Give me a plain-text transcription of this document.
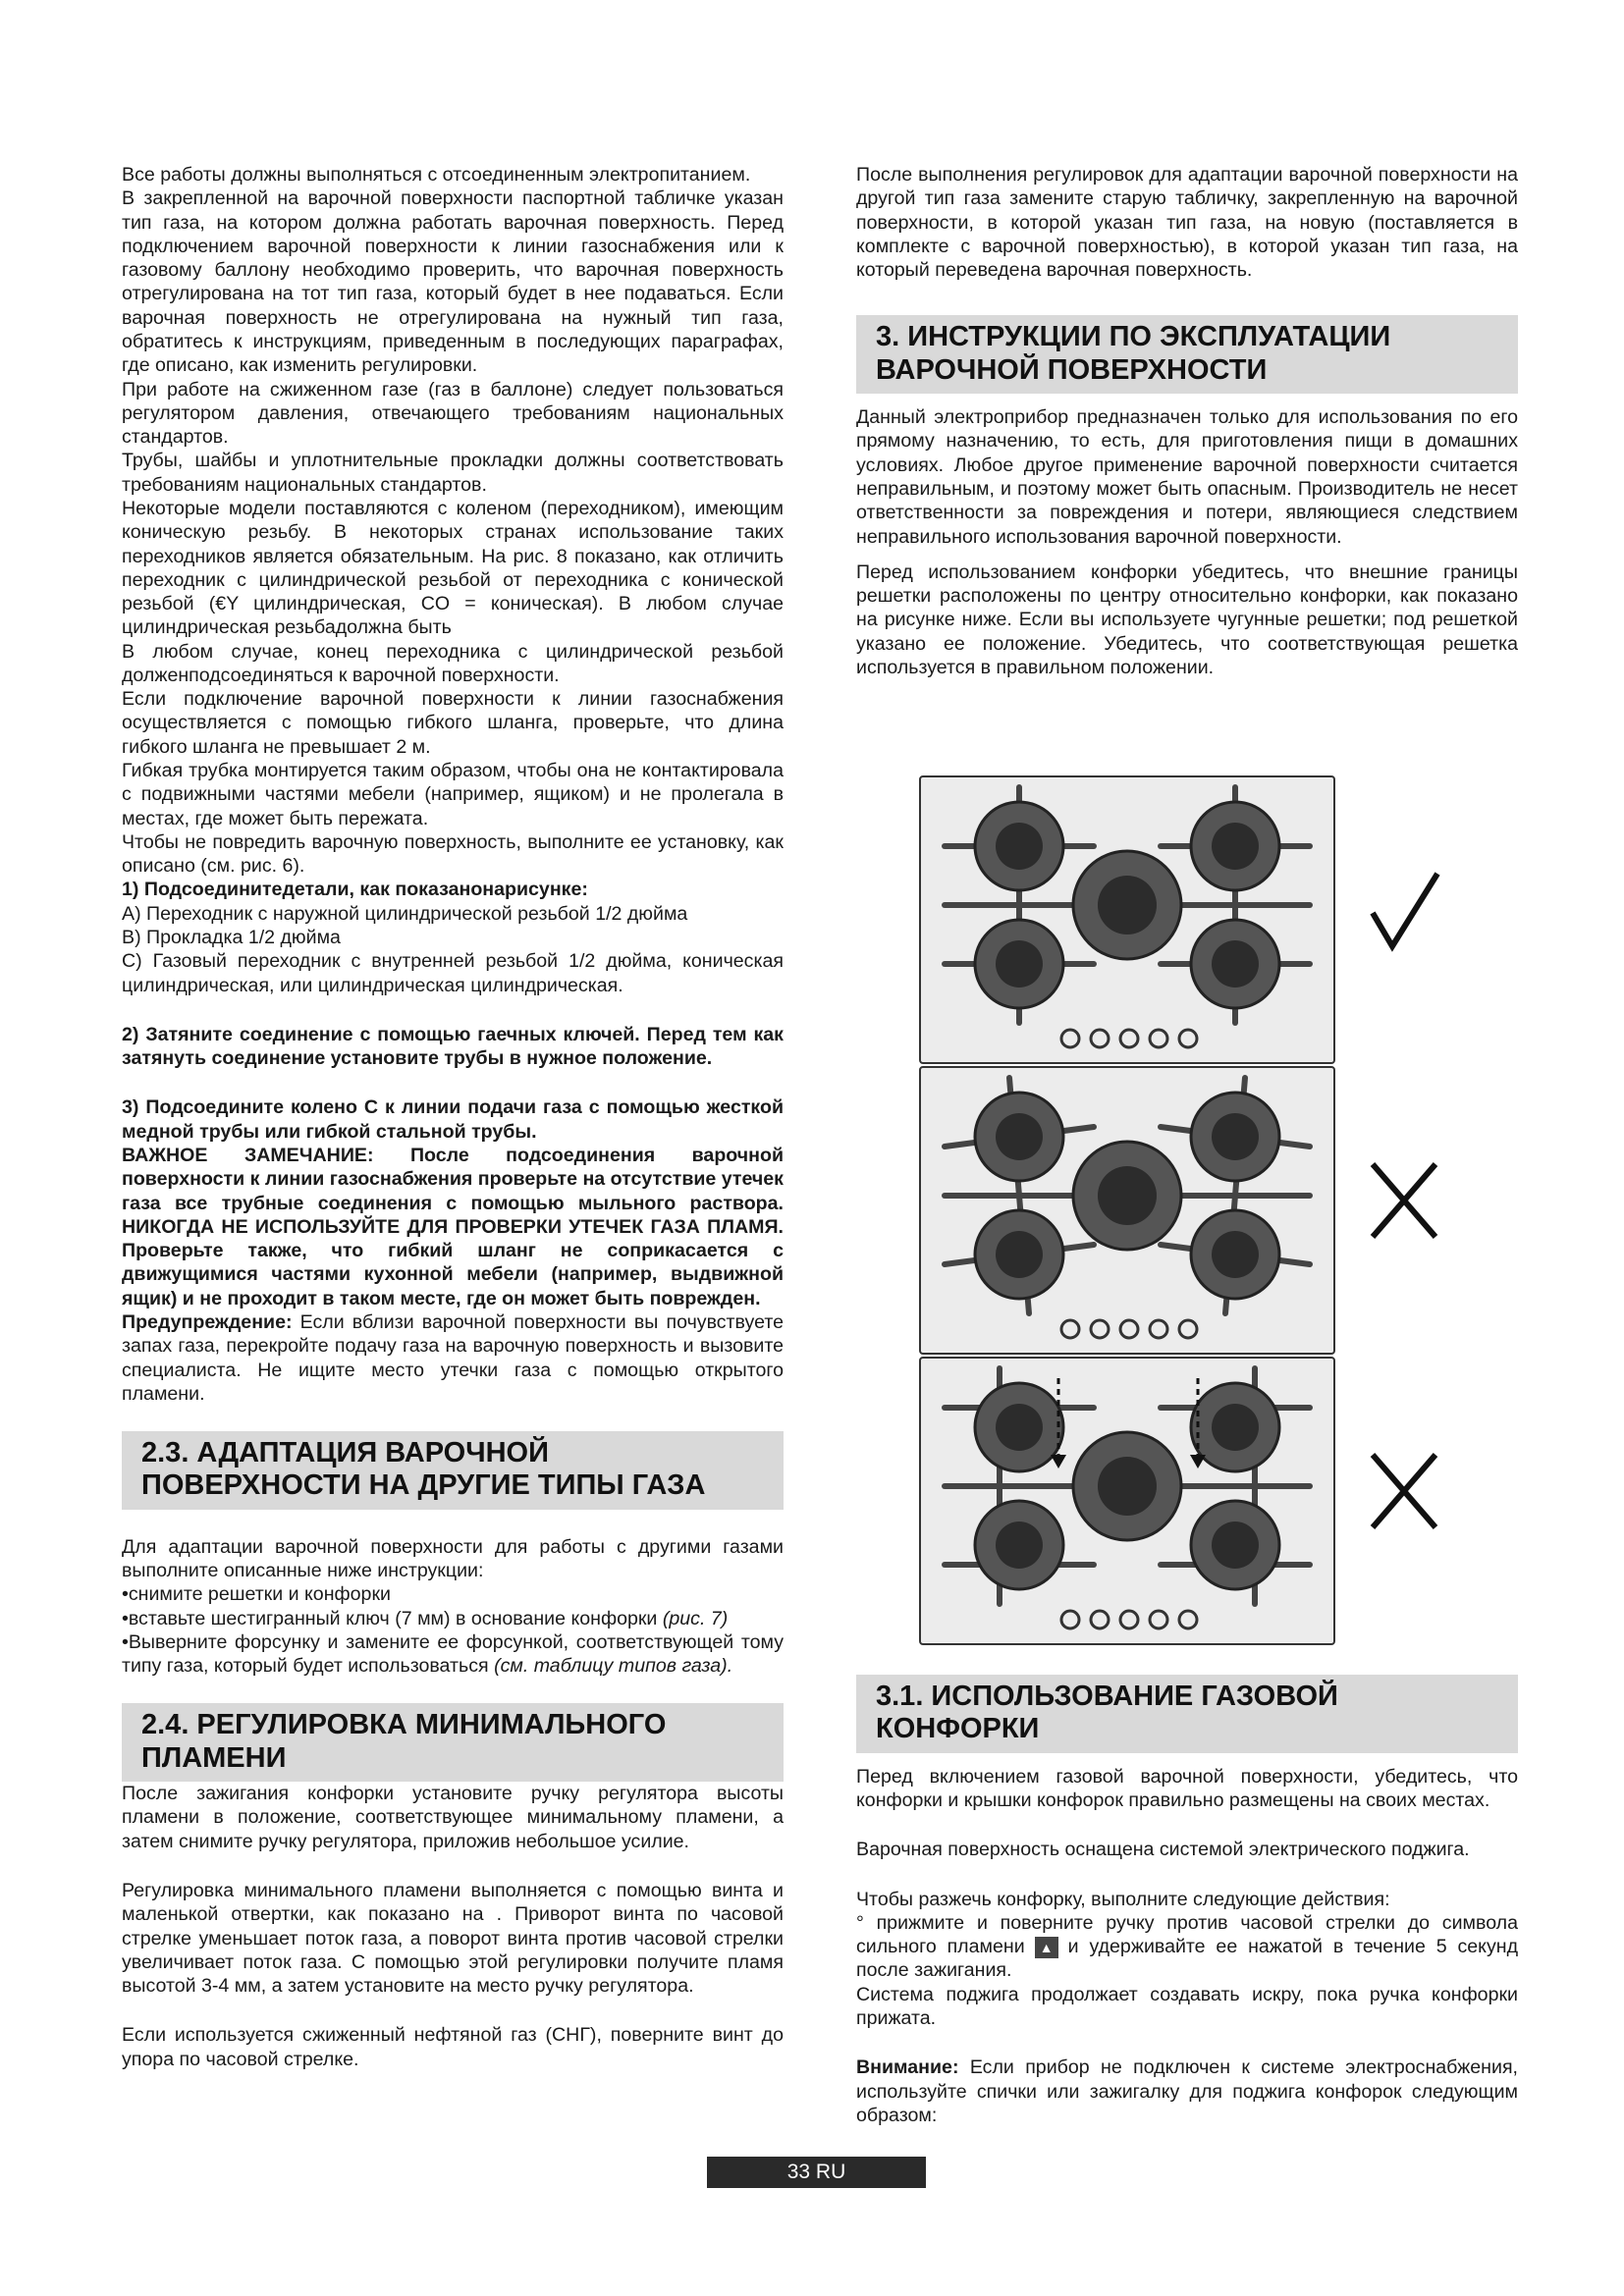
Все работы должны выполняться с отсоединенным электропитанием.

В закрепленной на варочной поверхности паспортной табличке указан тип газа, на котором должна работать варочная поверхность. Перед подключением варочной поверхности к линии газоснабжения или к газовому баллону необходимо проверить, что варочная поверхность отрегулирована на тот тип газа, который будет в нее подаваться. Если варочная поверхность не отрегулирована на нужный тип газа, обратитесь к инструкциям, приведенным в последующих параграфах, где описано, как изменить регулировки.

При работе на сжиженном газе (газ в баллоне) следует пользоваться регулятором давления, отвечающего требованиям национальных стандартов.

Трубы, шайбы и уплотнительные прокладки должны соответствовать требованиям национальных стандартов.

Некоторые модели поставляются с коленом (переходником), имеющим коническую резьбу. В некоторых странах использование таких переходников является обязательным. На рис. 8 показано, как отличить переходник с цилиндрической резьбой от переходника с конической резьбой (€Y цилиндрическая, CO = коническая). В любом случае цилиндрическая резьбадолжна быть

В любом случае, конец переходника с цилиндрической резьбой долженподсоединяться к варочной поверхности.

Если подключение варочной поверхности к линии газоснабжения осуществляется с помощью гибкого шланга, проверьте, что длина гибкого шланга не превышает 2 м.

Гибкая трубка монтируется таким образом, чтобы она не контактировала с подвижными частями мебели (например, ящиком) и не пролегала в местах, где может быть пережата.

Чтобы не повредить варочную поверхность, выполните ее установку, как описано (см. рис. 6).

1) Подсоединитедетали, как показанонарисунке:

A) Переходник с наружной цилиндрической резьбой 1/2 дюйма

B) Прокладка 1/2 дюйма

C) Газовый переходник с внутренней резьбой 1/2 дюйма, коническая цилиндрическая, или цилиндрическая цилиндрическая.

2) Затяните соединение с помощью гаечных ключей. Перед тем как затянуть соединение установите трубы в нужное положение.

3) Подсоедините колено C к линии подачи газа с помощью жесткой медной трубы или гибкой стальной трубы.

ВАЖНОЕ ЗАМЕЧАНИЕ: После подсоединения варочной поверхности к линии газоснабжения проверьте на отсутствие утечек газа все трубные соединения с помощью мыльного раствора. НИКОГДА НЕ ИСПОЛЬЗУЙТЕ ДЛЯ ПРОВЕРКИ УТЕЧЕК ГАЗА ПЛАМЯ. Проверьте также, что гибкий шланг не соприкасается с движущимися частями кухонной мебели (например, выдвижной ящик) и не проходит в таком месте, где он может быть поврежден.

Предупреждение: Если вблизи варочной поверхности вы почувствуете запах газа, перекройте подачу газа на варочную поверхность и вызовите специалиста. Не ищите место утечки газа с помощью открытого пламени.

2.3. АДАПТАЦИЯ ВАРОЧНОЙ ПОВЕРХНОСТИ НА ДРУГИЕ ТИПЫ ГАЗА

Для адаптации варочной поверхности для работы с другими газами выполните описанные ниже инструкции:

•снимите решетки и конфорки

•вставьте шестигранный ключ (7 мм) в основание конфорки (рис. 7)

•Выверните форсунку и замените ее форсункой, соответствующей тому типу газа, который будет использоваться (см. таблицу типов газа).

2.4. РЕГУЛИРОВКА МИНИМАЛЬНОГО ПЛАМЕНИ

После зажигания конфорки установите ручку регулятора высоты пламени в положение, соответствующее минимальному пламени, а затем снимите ручку регулятора, приложив небольшое усилие.

Регулировка минимального пламени выполняется с помощью винта и маленькой отвертки, как показано на . Приворот винта по часовой стрелке уменьшает поток газа, а поворот винта против часовой стрелки увеличивает поток газа. С помощью этой регулировки получите пламя высотой 3-4 мм, а затем установите на место ручку регулятора.

Если используется сжиженный нефтяной газ (СНГ), поверните винт до упора по часовой стрелке.

После выполнения регулировок для адаптации варочной поверхности на другой тип газа замените старую табличку, закрепленную на варочной поверхности, в которой указан тип газа, на новую (поставляется в комплекте с варочной поверхностью), в которой указан тип газа, на который переведена варочная поверхность.

3. ИНСТРУКЦИИ ПО ЭКСПЛУАТАЦИИ ВАРОЧНОЙ ПОВЕРХНОСТИ

Данный электроприбор предназначен только для использования по его прямому назначению, то есть, для приготовления пищи в домашних условиях. Любое другое применение варочной поверхности считается неправильным, и поэтому может быть опасным. Производитель не несет ответственности за повреждения и потери, являющиеся следствием неправильного использования варочной поверхности.

Перед использованием конфорки убедитесь, что внешние границы решетки расположены по центру относительно конфорки, как показано на рисунке ниже. Если вы используете чугунные решетки; под решеткой указано ее положение. Убедитесь, что соответствующая решетка используется в правильном положении.

3.1. ИСПОЛЬЗОВАНИЕ ГАЗОВОЙ КОНФОРКИ

Перед включением газовой варочной поверхности, убедитесь, что конфорки и крышки конфорок правильно размещены на своих местах.

Варочная поверхность оснащена системой электрического поджига.

Чтобы разжечь конфорку, выполните следующие действия:

° прижмите и поверните ручку против часовой стрелки до символа сильного пламени ▲ и удерживайте ее нажатой в течение 5 секунд после зажигания.

Система поджига продолжает создавать искру, пока ручка конфорки прижата.

Внимание: Если прибор не подключен к системе электроснабжения, используйте спички или зажигалку для поджига конфорок следующим образом:

33 RU
